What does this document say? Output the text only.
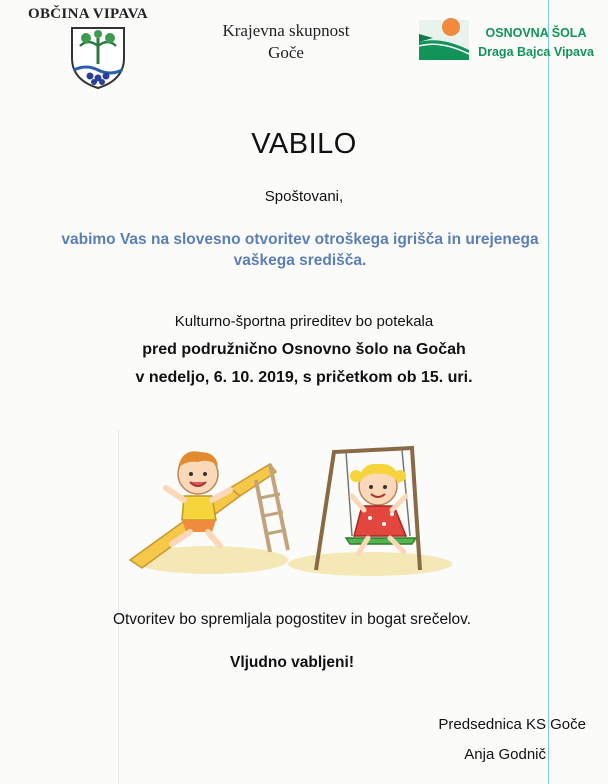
OBČINA VIPAVA
Krajevna skupnost
Goče
OSNOVNA ŠOLA
Draga Bajca Vipava
VABILO
Spoštovani,
vabimo Vas na slovesno otvoritev otroškega igrišča in urejenega
vaškega središča.
Kulturno-športna prireditev bo potekala
pred podružnično Osnovno šolo na Gočah
v nedeljo, 6. 10. 2019, s pričetkom ob 15. uri.
Otvoritev bo spremljala pogostitev in bogat srečelov.
Vljudno vabljeni!
Predsednica KS Goče
Anja Godnič
